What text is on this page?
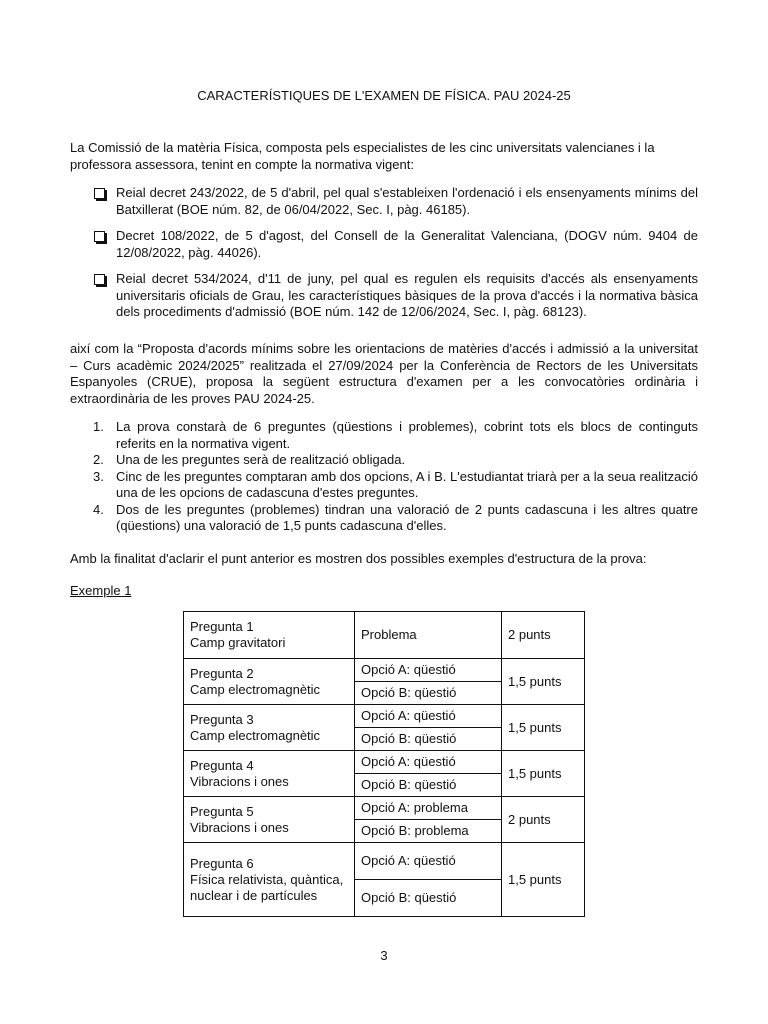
CARACTERÍSTIQUES DE L'EXAMEN DE FÍSICA. PAU 2024-25
La Comissió de la matèria Física, composta pels especialistes de les cinc universitats valencianes i la professora assessora, tenint en compte la normativa vigent:
Reial decret 243/2022, de 5 d'abril, pel qual s'estableixen l'ordenació i els ensenyaments mínims del Batxillerat (BOE núm. 82, de 06/04/2022, Sec. I, pàg. 46185).
Decret 108/2022, de 5 d'agost, del Consell de la Generalitat Valenciana, (DOGV núm. 9404 de 12/08/2022, pàg. 44026).
Reial decret 534/2024, d'11 de juny, pel qual es regulen els requisits d'accés als ensenyaments universitaris oficials de Grau, les característiques bàsiques de la prova d'accés i la normativa bàsica dels procediments d'admissió (BOE núm. 142 de 12/06/2024, Sec. I, pàg. 68123).
així com la “Proposta d'acords mínims sobre les orientacions de matèries d'accés i admissió a la universitat – Curs acadèmic 2024/2025” realitzada el 27/09/2024 per la Conferència de Rectors de les Universitats Espanyoles (CRUE), proposa la següent estructura d'examen per a les convocatòries ordinària i extraordinària de les proves PAU 2024-25.
1. La prova constarà de 6 preguntes (qüestions i problemes), cobrint tots els blocs de continguts referits en la normativa vigent.
2. Una de les preguntes serà de realització obligada.
3. Cinc de les preguntes comptaran amb dos opcions, A i B. L'estudiantat triarà per a la seua realització una de les opcions de cadascuna d'estes preguntes.
4. Dos de les preguntes (problemes) tindran una valoració de 2 punts cadascuna i les altres quatre (qüestions) una valoració de 1,5 punts cadascuna d'elles.
Amb la finalitat d'aclarir el punt anterior es mostren dos possibles exemples d'estructura de la prova:
Exemple 1
Pregunta 1
Camp gravitatori	Problema	2 punts

Pregunta 2
Camp electromagnètic	Opció A: qüestió	1,5 punts
	Opció B: qüestió	

Pregunta 3
Camp electromagnètic	Opció A: qüestió	1,5 punts
	Opció B: qüestió	

Pregunta 4
Vibracions i ones	Opció A: qüestió	1,5 punts
	Opció B: qüestió	

Pregunta 5
Vibracions i ones	Opció A: problema	2 punts
	Opció B: problema	

Pregunta 6
Física relativista, quàntica, nuclear i de partícules	Opció A: qüestió	1,5 punts
	Opció B: qüestió	
3
